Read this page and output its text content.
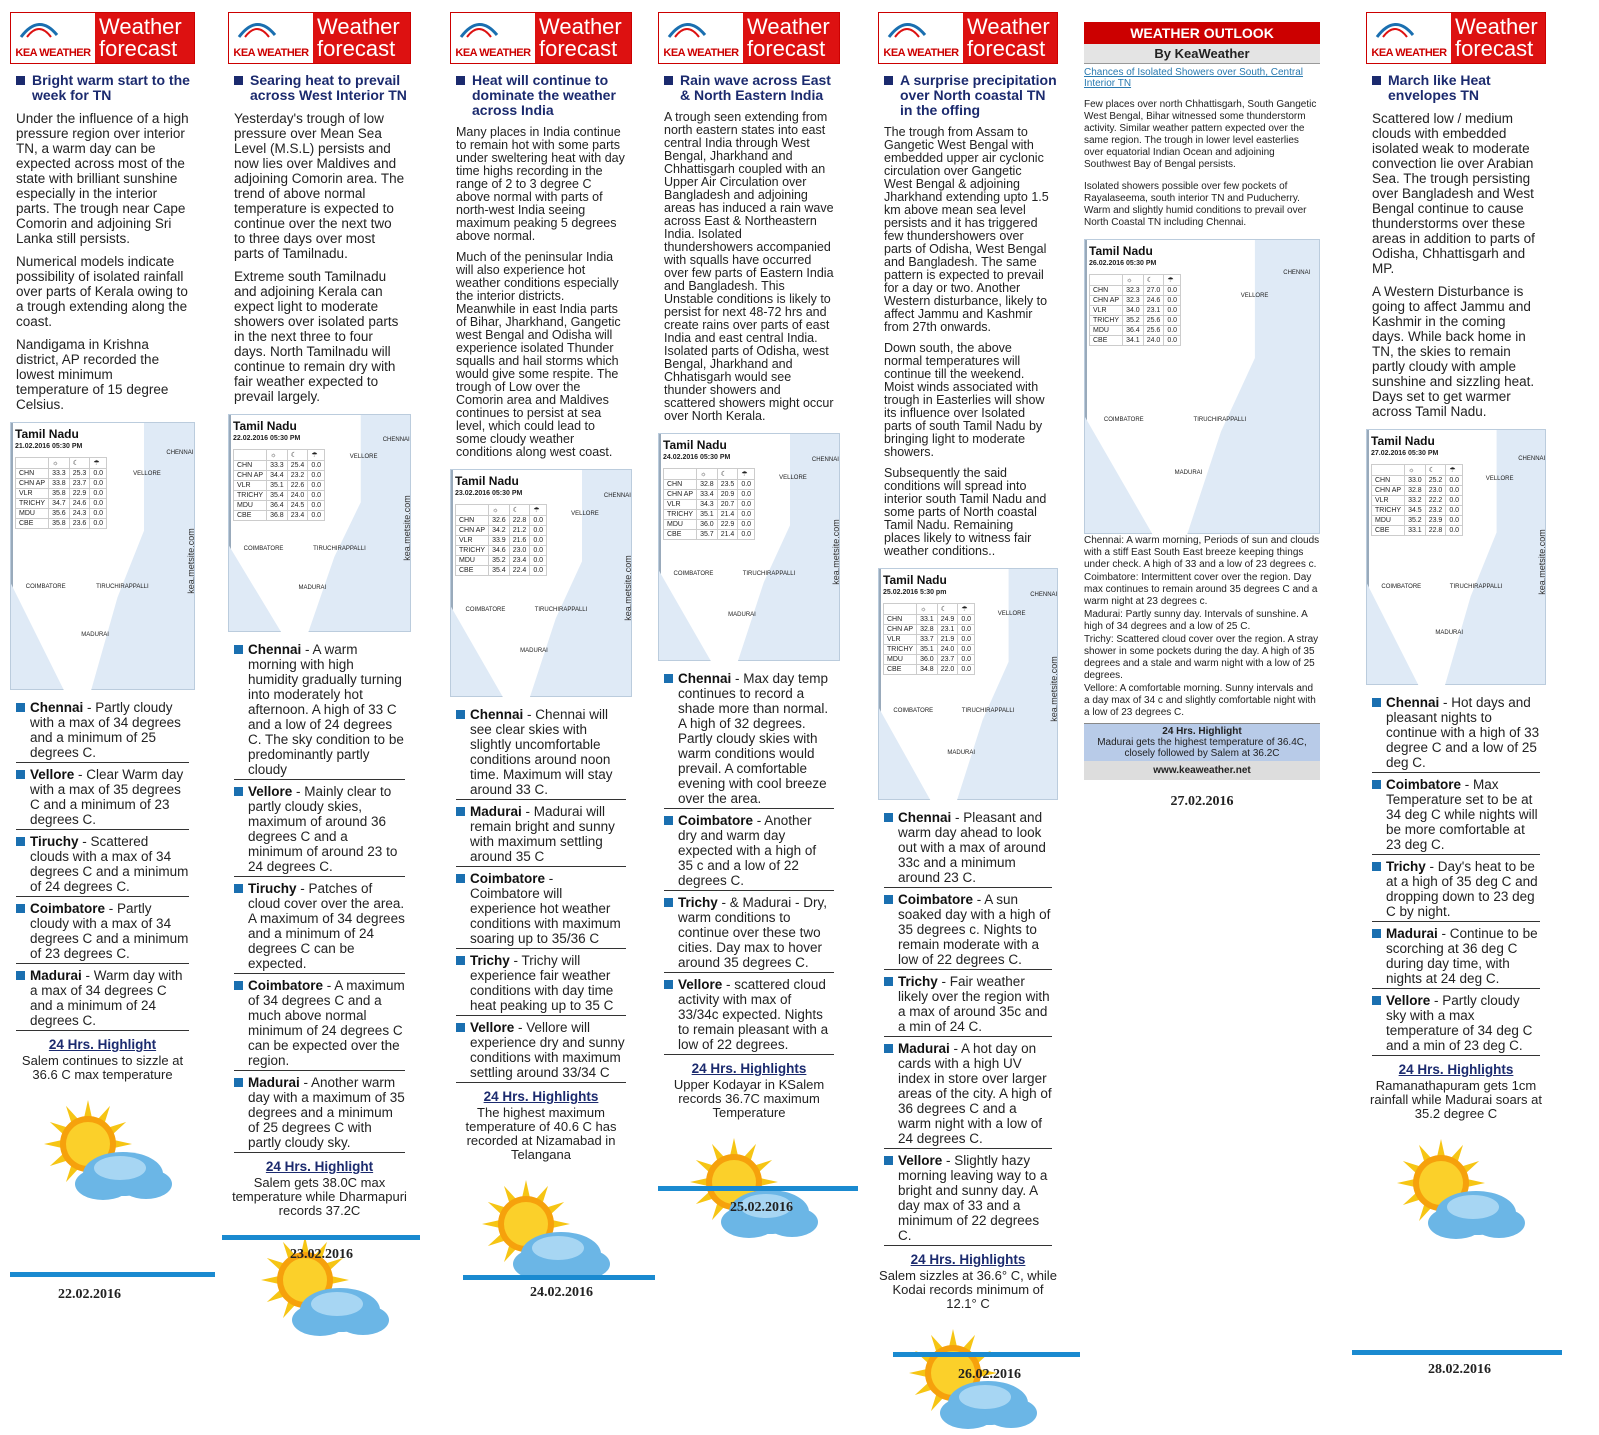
KEA WEATHER
Weather
forecast
Bright warm start to the week for TN
Under the influence of a high pressure region over interior TN, a warm day can be expected across most of the state with brilliant sunshine especially in the interior parts. The trough near Cape Comorin and adjoining Sri Lanka still persists.
Numerical models indicate possibility of isolated rainfall over parts of Kerala owing to a trough extending along the coast.
Nandigama in Krishna district, AP recorded the lowest minimum temperature of 15 degree Celsius.
Tamil Nadu
21.02.2016 05:30 PM
	☼	☾	☂
CHN	33.3	25.3	0.0
CHN AP	33.8	23.7	0.0
VLR	35.8	22.9	0.0
TRICHY	34.7	24.6	0.0
MDU	35.6	24.3	0.0
CBE	35.8	23.6	0.0
VELLORE
CHENNAI
COIMBATORE	TIRUCHIRAPPALLI
MADURAI
kea.metsite.com
Chennai - Partly cloudy with a max of 34 degrees and a minimum of 25 degrees C.
Vellore - Clear Warm day with a max of 35 degrees C and a minimum of 23 degrees C.
Tiruchy - Scattered clouds with a max of 34 degrees C and a minimum of 24 degrees C.
Coimbatore - Partly cloudy with a max of 34 degrees C and a minimum of 23 degrees C.
Madurai - Warm day with a max of 34 degrees C and a minimum of 24 degrees C.
24 Hrs. Highlight
Salem continues to sizzle at 36.6 C max temperature
22.02.2016
KEA WEATHER
Weather
forecast
Searing heat to prevail across West Interior TN
Yesterday's trough of low pressure over Mean Sea Level (M.S.L) persists and now lies over Maldives and adjoining Comorin area. The trend of above normal temperature is expected to continue over the next two to three days over most parts of Tamilnadu.
Extreme south Tamilnadu and adjoining Kerala can expect light to moderate showers over isolated parts in the next three to four days. North Tamilnadu will continue to remain dry with fair weather expected to prevail largely.
Tamil Nadu
22.02.2016 05:30 PM
	☼	☾	☂
CHN	33.3	25.4	0.0
CHN AP	34.4	23.2	0.0
VLR	35.1	22.6	0.0
TRICHY	35.4	24.0	0.0
MDU	36.4	24.5	0.0
CBE	36.8	23.4	0.0
VELLORE
CHENNAI
COIMBATORE	TIRUCHIRAPPALLI
MADURAI
kea.metsite.com
Chennai - A warm morning with high humidity gradually turning into moderately hot afternoon. A high of 33 C and a low of 24 degrees C. The sky condition to be predominantly partly cloudy
Vellore - Mainly clear to partly cloudy skies, maximum of around 36 degrees C and a minimum of around 23 to 24 degrees C.
Tiruchy - Patches of cloud cover over the area. A maximum of 34 degrees and a minimum of 24 degrees C can be expected.
Coimbatore - A maximum of 34 degrees C and a much above normal minimum of 24 degrees C can be expected over the region.
Madurai - Another warm day with a maximum of 35 degrees and a minimum of 25 degrees C with partly cloudy sky.
24 Hrs. Highlight
Salem gets 38.0C max temperature while Dharmapuri records 37.2C
23.02.2016
KEA WEATHER
Weather
forecast
Heat will continue to dominate the weather across India
Many places in India continue to remain hot with some parts under sweltering heat with day time highs recording in the range of 2 to 3 degree C above normal with parts of north-west India seeing maximum peaking 5 degrees above normal.
Much of the peninsular India will also experience hot weather conditions especially the interior districts. Meanwhile in east India parts of Bihar, Jharkhand, Gangetic west Bengal and Odisha will experience isolated Thunder squalls and hail storms which would give some respite. The trough of Low over the Comorin area and Maldives continues to persist at sea level, which could lead to some cloudy weather conditions along west coast.
Tamil Nadu
23.02.2016 05:30 PM
	☼	☾	☂
CHN	32.6	22.8	0.0
CHN AP	34.2	21.2	0.0
VLR	33.9	21.6	0.0
TRICHY	34.6	23.0	0.0
MDU	35.2	23.4	0.0
CBE	35.4	22.4	0.0
VELLORE
CHENNAI
COIMBATORE	TIRUCHIRAPPALLI
MADURAI
kea.metsite.com
Chennai - Chennai will see clear skies with slightly uncomfortable conditions around noon time. Maximum will stay around 33 C.
Madurai - Madurai will remain bright and sunny with maximum settling around 35 C
Coimbatore - Coimbatore will experience hot weather conditions with maximum soaring up to 35/36 C
Trichy - Trichy will experience fair weather conditions with day time heat peaking up to 35 C
Vellore - Vellore will experience dry and sunny conditions with maximum settling around 33/34 C
24 Hrs. Highlights
The highest maximum temperature of 40.6 C has recorded at Nizamabad in Telangana
24.02.2016
KEA WEATHER
Weather
forecast
Rain wave across East & North Eastern India
A trough seen extending from north eastern states into east central India through West Bengal, Jharkhand and Chhattisgarh coupled with an Upper Air Circulation over Bangladesh and adjoining areas has induced a rain wave across East & Northeastern India. Isolated thundershowers accompanied with squalls have occurred over few parts of Eastern India and Bangladesh. This Unstable conditions is likely to persist for next 48-72 hrs and create rains over parts of east India and east central India. Isolated parts of Odisha, west Bengal, Jharkhand and Chhatisgarh would see thunder showers and scattered showers might occur over North Kerala.
Tamil Nadu
24.02.2016 05:30 PM
	☼	☾	☂
CHN	32.8	23.5	0.0
CHN AP	33.4	20.9	0.0
VLR	34.3	20.7	0.0
TRICHY	35.1	21.4	0.0
MDU	36.0	22.9	0.0
CBE	35.7	21.4	0.0
VELLORE
CHENNAI
COIMBATORE	TIRUCHIRAPPALLI
MADURAI
kea.metsite.com
Chennai - Max day temp continues to record a shade more than normal. A high of 32 degrees. Partly cloudy skies with warm conditions would prevail. A comfortable evening with cool breeze over the area.
Coimbatore - Another dry and warm day expected with a high of 35 c and a low of 22 degrees C.
Trichy - & Madurai - Dry, warm conditions to continue over these two cities. Day max to hover around 35 degrees C.
Vellore - scattered cloud activity with max of 33/34c expected. Nights to remain pleasant with a low of 22 degrees.
24 Hrs. Highlights
Upper Kodayar in KSalem records 36.7C maximum Temperature
25.02.2016
KEA WEATHER
Weather
forecast
A surprise precipitation over North coastal TN in the offing
The trough from Assam to Gangetic West Bengal with embedded upper air cyclonic circulation over Gangetic West Bengal & adjoining Jharkhand extending upto 1.5 km above mean sea level persists and it has triggered few thundershowers over parts of Odisha, West Bengal and Bangladesh. The same pattern is expected to prevail for a day or two. Another Western disturbance, likely to affect Jammu and Kashmir from 27th onwards.
Down south, the above normal temperatures will continue till the weekend. Moist winds associated with trough in Easterlies will show its influence over Isolated parts of south Tamil Nadu by bringing light to moderate showers.
Subsequently the said conditions will spread into interior south Tamil Nadu and some parts of North coastal Tamil Nadu. Remaining places likely to witness fair weather conditions..
Tamil Nadu
25.02.2016 5:30 pm
	☼	☾	☂
CHN	33.1	24.9	0.0
CHN AP	32.8	23.1	0.0
VLR	33.7	21.9	0.0
TRICHY	35.1	24.0	0.0
MDU	36.0	23.7	0.0
CBE	34.8	22.0	0.0
VELLORE
CHENNAI
COIMBATORE	TIRUCHIRAPPALLI
MADURAI
kea.metsite.com
Chennai - Pleasant and warm day ahead to look out with a max of around 33c and a minimum around 23 C.
Coimbatore - A sun soaked day with a high of 35 degrees c. Nights to remain moderate with a low of 22 degrees C.
Trichy - Fair weather likely over the region with a max of around 35c and a min of 24 C.
Madurai - A hot day on cards with a high UV index in store over larger areas of the city. A high of 36 degrees C and a warm night with a low of 24 degrees C.
Vellore - Slightly hazy morning leaving way to a bright and sunny day. A day max of 33 and a minimum of 22 degrees C.
24 Hrs. Highlights
Salem sizzles at 36.6° C, while Kodai records minimum of 12.1° C
26.02.2016
KEA WEATHER
Weather
forecast
March like Heat envelopes TN
Scattered low / medium clouds with embedded isolated weak to moderate convection lie over Arabian Sea. The trough persisting over Bangladesh and West Bengal continue to cause thunderstorms over these areas in addition to parts of Odisha, Chhattisgarh and MP.
A Western Disturbance is going to affect Jammu and Kashmir in the coming days. While back home in TN, the skies to remain partly cloudy with ample sunshine and sizzling heat. Days set to get warmer across Tamil Nadu.
Tamil Nadu
27.02.2016 05:30 PM
	☼	☾	☂
CHN	33.0	25.2	0.0
CHN AP	32.8	23.0	0.0
VLR	33.2	22.2	0.0
TRICHY	34.5	23.2	0.0
MDU	35.2	23.9	0.0
CBE	33.1	22.8	0.0
VELLORE
CHENNAI
COIMBATORE	TIRUCHIRAPPALLI
MADURAI
kea.metsite.com
Chennai - Hot days and pleasant nights to continue with a high of 33 degree C and a low of 25 deg C.
Coimbatore - Max Temperature set to be at 34 deg C while nights will be more comfortable at 23 deg C.
Trichy - Day's heat to be at a high of 35 deg C and dropping down to 23 deg C by night.
Madurai - Continue to be scorching at 36 deg C during day time, with nights at 24 deg C.
Vellore - Partly cloudy sky with a max temperature of 34 deg C and a min of 23 deg C.
24 Hrs. Highlights
Ramanathapuram gets 1cm rainfall while Madurai soars at 35.2 degree C
28.02.2016
WEATHER OUTLOOK
By KeaWeather
Chances of Isolated Showers over South, Central Interior TN
Few places over north Chhattisgarh, South Gangetic West Bengal, Bihar witnessed some thunderstorm activity. Similar weather pattern expected over the same region. The trough in lower level easterlies over equatorial Indian Ocean and adjoining Southwest Bay of Bengal persists.
Isolated showers possible over few pockets of Rayalaseema, south interior TN and Puducherry. Warm and slightly humid conditions to prevail over North Coastal TN including Chennai.
Tamil Nadu
26.02.2016 05:30 PM
	☼	☾	☂
CHN	32.3	27.0	0.0
CHN AP	32.3	24.6	0.0
VLR	34.0	23.1	0.0
TRICHY	35.2	25.6	0.0
MDU	36.4	25.6	0.0
CBE	34.1	24.0	0.0
VELLORE
CHENNAI
COIMBATORE	TIRUCHIRAPPALLI
MADURAI
Chennai: A warm morning, Periods of sun and clouds with a stiff East South East breeze keeping things under check. A high of 33 and a low of 23 degrees c.
Coimbatore: Intermittent cover over the region. Day max continues to remain around 35 degrees C and a warm night at 23 degrees c.
Madurai: Partly sunny day. Intervals of sunshine. A high of 34 degrees and a low of 25 C.
Trichy: Scattered cloud cover over the region. A stray shower in some pockets during the day. A high of 35 degrees and a stale and warm night with a low of 25 degrees.
Vellore: A comfortable morning. Sunny intervals and a day max of 34 c and slightly comfortable night with a low of 23 degrees C.
24 Hrs. Highlight
Madurai gets the highest temperature of 36.4C, closely followed by Salem at 36.2C
www.keaweather.net
27.02.2016
